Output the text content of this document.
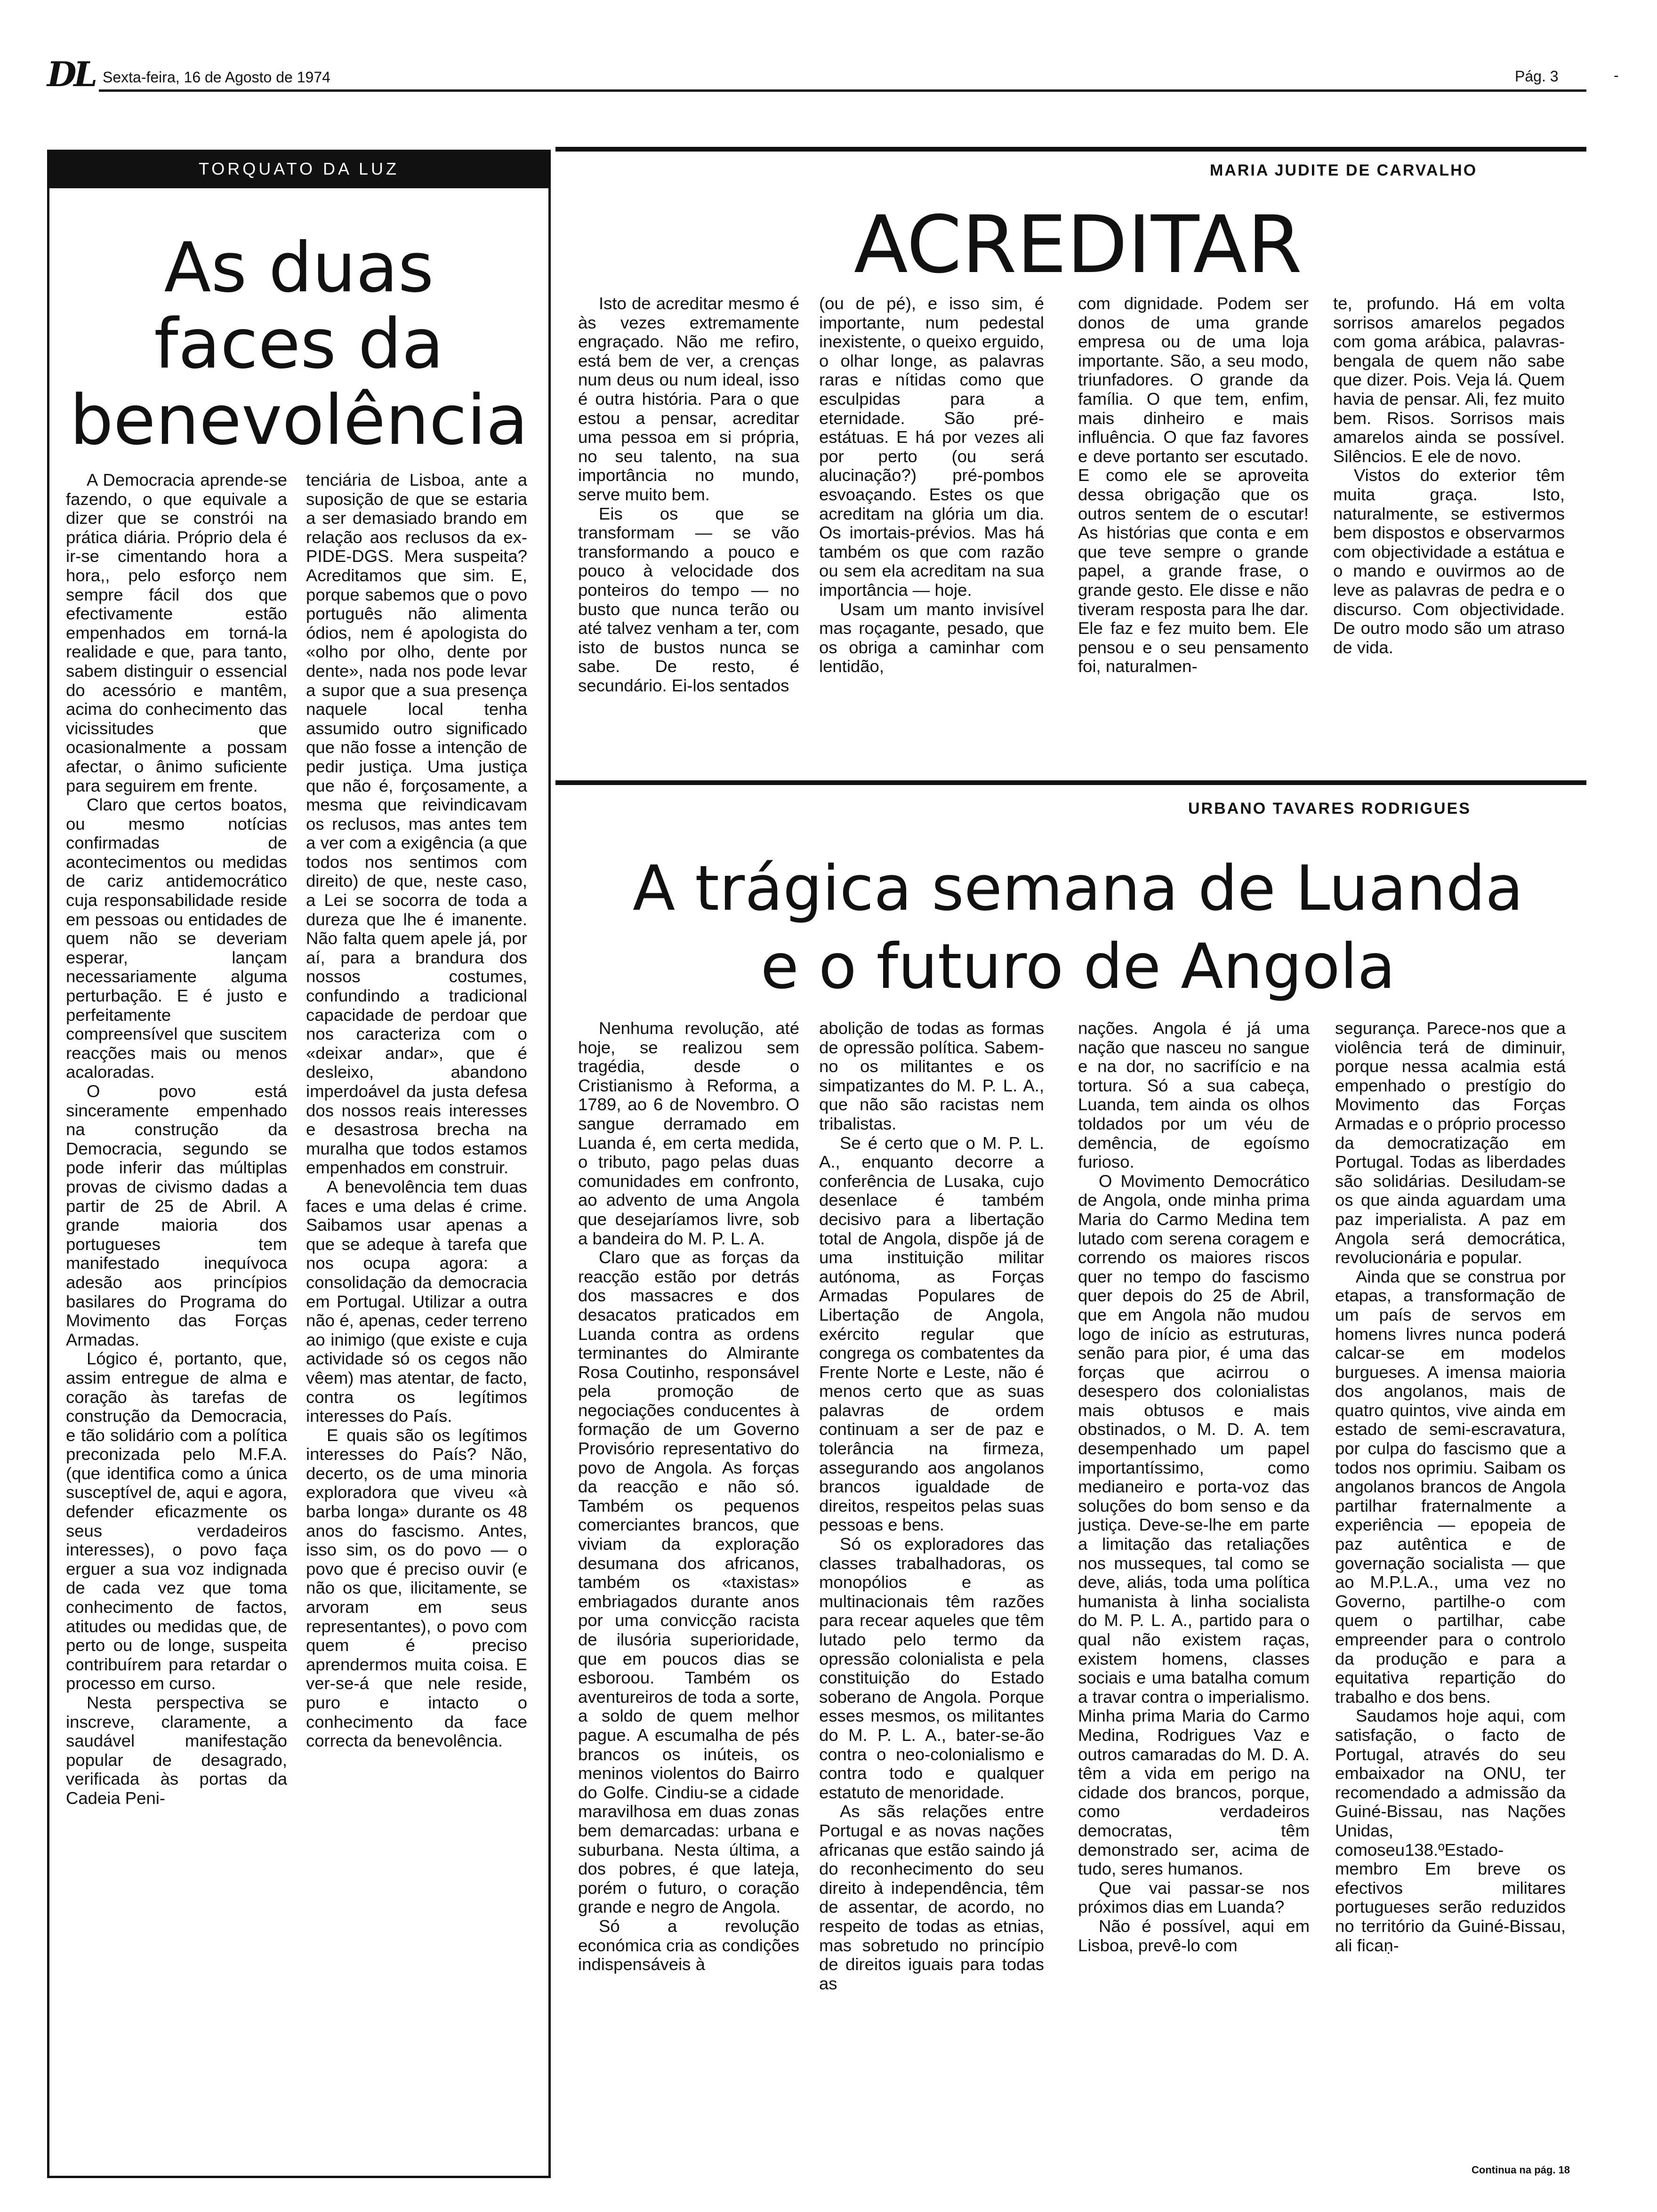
DL Sexta-feira, 16 de Agosto de 1974	Pág. 3	-
TORQUATO DA LUZ
As duas
faces da
benevolência

A Democracia aprende-se fazendo, o que equivale a dizer que se constrói na prática diária. Próprio dela é ir-se cimentando hora a hora,, pelo esforço nem sempre fácil dos que efectivamente estão empenhados em torná-la realidade e que, para tanto, sabem distinguir o essencial do acessório e mantêm, acima do conhecimento das vicissitudes que ocasionalmente a possam afectar, o ânimo suficiente para seguirem em frente.

Claro que certos boatos, ou mesmo notícias confirmadas de acontecimentos ou medidas de cariz antidemocrático cuja responsabilidade reside em pessoas ou entidades de quem não se deveriam esperar, lançam necessariamente alguma perturbação. E é justo e perfeitamente compreensível que suscitem reacções mais ou menos acaloradas.

O povo está sinceramente empenhado na construção da Democracia, segundo se pode inferir das múltiplas provas de civismo dadas a partir de 25 de Abril. A grande maioria dos portugueses tem manifestado inequívoca adesão aos princípios basilares do Programa do Movimento das Forças Armadas.

Lógico é, portanto, que, assim entregue de alma e coração às tarefas de construção da Democracia, e tão solidário com a política preconizada pelo M.F.A. (que identifica como a única susceptível de, aqui e agora, defender eficazmente os seus verdadeiros interesses), o povo faça erguer a sua voz indignada de cada vez que toma conhecimento de factos, atitudes ou medidas que, de perto ou de longe, suspeita contribuírem para retardar o processo em curso.

Nesta perspectiva se inscreve, claramente, a saudável manifestação popular de desagrado, verificada às portas da Cadeia Peni-

tenciária de Lisboa, ante a suposição de que se estaria a ser demasiado brando em relação aos reclusos da ex-PIDE-DGS. Mera suspeita? Acreditamos que sim. E, porque sabemos que o povo português não alimenta ódios, nem é apologista do «olho por olho, dente por dente», nada nos pode levar a supor que a sua presença naquele local tenha assumido outro significado que não fosse a intenção de pedir justiça. Uma justiça que não é, forçosamente, a mesma que reivindicavam os reclusos, mas antes tem a ver com a exigência (a que todos nos sentimos com direito) de que, neste caso, a Lei se socorra de toda a dureza que lhe é imanente. Não falta quem apele já, por aí, para a brandura dos nossos costumes, confundindo a tradicional capacidade de perdoar que nos caracteriza com o «deixar andar», que é desleixo, abandono imperdoável da justa defesa dos nossos reais interesses e desastrosa brecha na muralha que todos estamos empenhados em construir.

A benevolência tem duas faces e uma delas é crime. Saibamos usar apenas a que se adeque à tarefa que nos ocupa agora: a consolidação da democracia em Portugal. Utilizar a outra não é, apenas, ceder terreno ao inimigo (que existe e cuja actividade só os cegos não vêem) mas atentar, de facto, contra os legítimos interesses do País.

E quais são os legítimos interesses do País? Não, decerto, os de uma minoria exploradora que viveu «à barba longa» durante os 48 anos do fascismo. Antes, isso sim, os do povo — o povo que é preciso ouvir (e não os que, ilicitamente, se arvoram em seus representantes), o povo com quem é preciso aprendermos muita coisa. E ver-se-á que nele reside, puro e intacto o conhecimento da face correcta da benevolência.

MARIA JUDITE DE CARVALHO
ACREDITAR

Isto de acreditar mesmo é às vezes extremamente engraçado. Não me refiro, está bem de ver, a crenças num deus ou num ideal, isso é outra história. Para o que estou a pensar, acreditar uma pessoa em si própria, no seu talento, na sua importância no mundo, serve muito bem.

Eis os que se transformam — se vão transformando a pouco e pouco à velocidade dos ponteiros do tempo — no busto que nunca terão ou até talvez venham a ter, com isto de bustos nunca se sabe. De resto, é secundário. Ei-los sentados

(ou de pé), e isso sim, é importante, num pedestal inexistente, o queixo erguido, o olhar longe, as palavras raras e nítidas como que esculpidas para a eternidade. São pré-estátuas. E há por vezes ali por perto (ou será alucinação?) pré-pombos esvoaçando. Estes os que acreditam na glória um dia. Os imortais-prévios. Mas há também os que com razão ou sem ela acreditam na sua importância — hoje.

Usam um manto invisível mas roçagante, pesado, que os obriga a caminhar com lentidão,

com dignidade. Podem ser donos de uma grande empresa ou de uma loja importante. São, a seu modo, triunfadores. O grande da família. O que tem, enfim, mais dinheiro e mais influência. O que faz favores e deve portanto ser escutado. E como ele se aproveita dessa obrigação que os outros sentem de o escutar! As histórias que conta e em que teve sempre o grande papel, a grande frase, o grande gesto. Ele disse e não tiveram resposta para lhe dar. Ele faz e fez muito bem. Ele pensou e o seu pensamento foi, naturalmen-

te, profundo. Há em volta sorrisos amarelos pegados com goma arábica, palavras-bengala de quem não sabe que dizer. Pois. Veja lá. Quem havia de pensar. Ali, fez muito bem. Risos. Sorrisos mais amarelos ainda se possível. Silêncios. E ele de novo.

Vistos do exterior têm muita graça. Isto, naturalmente, se estivermos bem dispostos e observarmos com objectividade a estátua e o mando e ouvirmos ao de leve as palavras de pedra e o discurso. Com objectividade. De outro modo são um atraso de vida.

URBANO TAVARES RODRIGUES
A trágica semana de Luanda
e o futuro de Angola

Nenhuma revolução, até hoje, se realizou sem tragédia, desde o Cristianismo à Reforma, a 1789, ao 6 de Novembro. O sangue derramado em Luanda é, em certa medida, o tributo, pago pelas duas comunidades em confronto, ao advento de uma Angola que desejaríamos livre, sob a bandeira do M. P. L. A.

Claro que as forças da reacção estão por detrás dos massacres e dos desacatos praticados em Luanda contra as ordens terminantes do Almirante Rosa Coutinho, responsável pela promoção de negociações conducentes à formação de um Governo Provisório representativo do povo de Angola. As forças da reacção e não só. Também os pequenos comerciantes brancos, que viviam da exploração desumana dos africanos, também os «taxistas» embriagados durante anos por uma convicção racista de ilusória superioridade, que em poucos dias se esboroou. Também os aventureiros de toda a sorte, a soldo de quem melhor pague. A escumalha de pés brancos os inúteis, os meninos violentos do Bairro do Golfe. Cindiu-se a cidade maravilhosa em duas zonas bem demarcadas: urbana e suburbana. Nesta última, a dos pobres, é que lateja, porém o futuro, o coração grande e negro de Angola.

Só a revolução económica cria as condições indispensáveis à

abolição de todas as formas de opressão política. Sabem-no os militantes e os simpatizantes do M. P. L. A., que não são racistas nem tribalistas.

Se é certo que o M. P. L. A., enquanto decorre a conferência de Lusaka, cujo desenlace é também decisivo para a libertação total de Angola, dispõe já de uma instituição militar autónoma, as Forças Armadas Populares de Libertação de Angola, exército regular que congrega os combatentes da Frente Norte e Leste, não é menos certo que as suas palavras de ordem continuam a ser de paz e tolerância na firmeza, assegurando aos angolanos brancos igualdade de direitos, respeitos pelas suas pessoas e bens.

Só os exploradores das classes trabalhadoras, os monopólios e as multinacionais têm razões para recear aqueles que têm lutado pelo termo da opressão colonialista e pela constituição do Estado soberano de Angola. Porque esses mesmos, os militantes do M. P. L. A., bater-se-ão contra o neo-colonialismo e contra todo e qualquer estatuto de menoridade.

As sãs relações entre Portugal e as novas nações africanas que estão saindo já do reconhecimento do seu direito à independência, têm de assentar, de acordo, no respeito de todas as etnias, mas sobretudo no princípio de direitos iguais para todas as

nações. Angola é já uma nação que nasceu no sangue e na dor, no sacrifício e na tortura. Só a sua cabeça, Luanda, tem ainda os olhos toldados por um véu de demência, de egoísmo furioso.

O Movimento Democrático de Angola, onde minha prima Maria do Carmo Medina tem lutado com serena coragem e correndo os maiores riscos quer no tempo do fascismo quer depois do 25 de Abril, que em Angola não mudou logo de início as estruturas, senão para pior, é uma das forças que acirrou o desespero dos colonialistas mais obtusos e mais obstinados, o M. D. A. tem desempenhado um papel importantíssimo, como medianeiro e porta-voz das soluções do bom senso e da justiça. Deve-se-lhe em parte a limitação das retaliações nos musseques, tal como se deve, aliás, toda uma política humanista à linha socialista do M. P. L. A., partido para o qual não existem raças, existem homens, classes sociais e uma batalha comum a travar contra o imperialismo. Minha prima Maria do Carmo Medina, Rodrigues Vaz e outros camaradas do M. D. A. têm a vida em perigo na cidade dos brancos, porque, como verdadeiros democratas, têm demonstrado ser, acima de tudo, seres humanos.

Que vai passar-se nos próximos dias em Luanda?

Não é possível, aqui em Lisboa, prevê-lo com

segurança. Parece-nos que a violência terá de diminuir, porque nessa acalmia está empenhado o prestígio do Movimento das Forças Armadas e o próprio processo da democratização em Portugal. Todas as liberdades são solidárias. Desiludam-se os que ainda aguardam uma paz imperialista. A paz em Angola será democrática, revolucionária e popular.

Ainda que se construa por etapas, a transformação de um país de servos em homens livres nunca poderá calcar-se em modelos burgueses. A imensa maioria dos angolanos, mais de quatro quintos, vive ainda em estado de semi-escravatura, por culpa do fascismo que a todos nos oprimiu. Saibam os angolanos brancos de Angola partilhar fraternalmente a experiência — epopeia de paz autêntica e de governação socialista — que ao M.P.L.A., uma vez no Governo, partilhe-o com quem o partilhar, cabe empreender para o controlo da produção e para a equitativa repartição do trabalho e dos bens.

Saudamos hoje aqui, com satisfação, o facto de Portugal, através do seu embaixador na ONU, ter recomendado a admissão da Guiné-Bissau, nas Nações Unidas, comoseu138.ºEstado-membro Em breve os efectivos militares portugueses serão reduzidos no território da Guiné-Bissau, ali ficaṇ-

Continua na pág. 18
